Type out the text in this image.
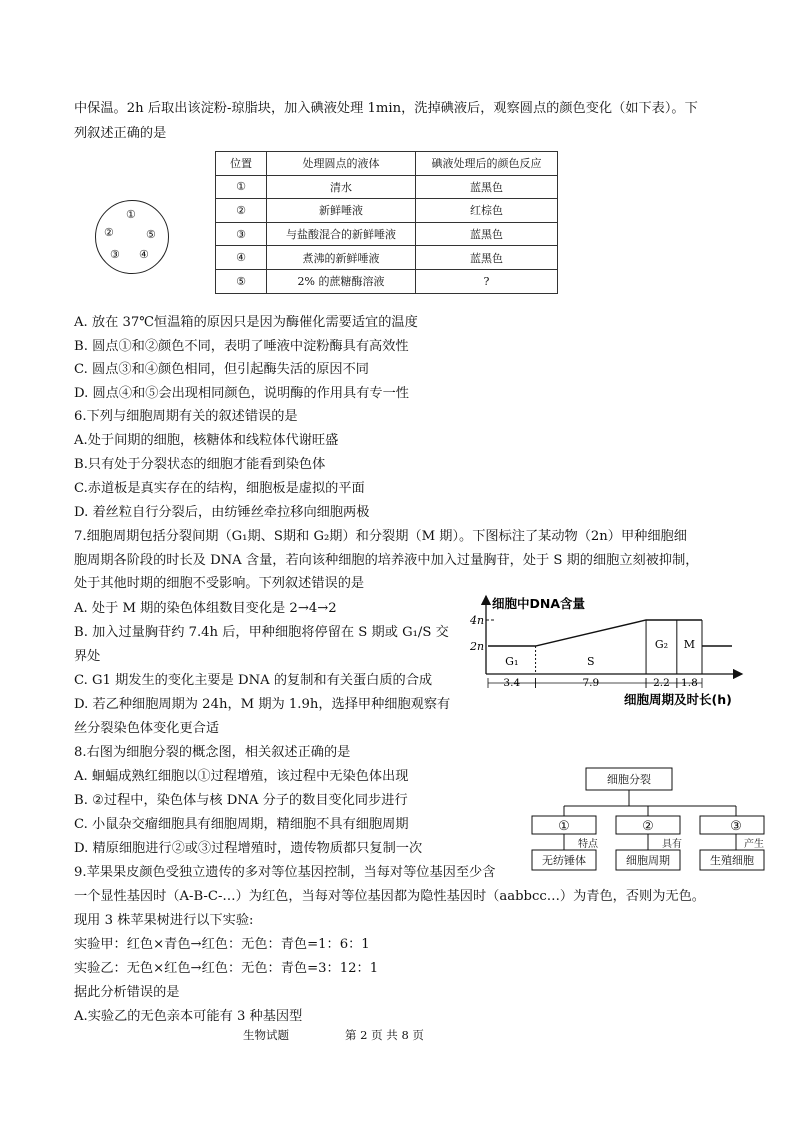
中保温。2h 后取出该淀粉-琼脂块，加入碘液处理 1min，洗掉碘液后，观察圆点的颜色变化（如下表）。下
列叙述正确的是
①
②	⑤
③ ④
位置	处理圆点的液体	碘液处理后的颜色反应
①	清水	蓝黑色
②	新鲜唾液	红棕色
③	与盐酸混合的新鲜唾液	蓝黑色
④	煮沸的新鲜唾液	蓝黑色
⑤	2% 的蔗糖酶溶液	?
A. 放在 37℃恒温箱的原因只是因为酶催化需要适宜的温度
B. 圆点①和②颜色不同，表明了唾液中淀粉酶具有高效性
C. 圆点③和④颜色相同，但引起酶失活的原因不同
D. 圆点④和⑤会出现相同颜色，说明酶的作用具有专一性
6.下列与细胞周期有关的叙述错误的是
A.处于间期的细胞，核糖体和线粒体代谢旺盛
B.只有处于分裂状态的细胞才能看到染色体
C.赤道板是真实存在的结构，细胞板是虚拟的平面
D. 着丝粒自行分裂后，由纺锤丝牵拉移向细胞两极
7.细胞周期包括分裂间期（G₁期、S期和 G₂期）和分裂期（M 期）。下图标注了某动物（2n）甲种细胞细
胞周期各阶段的时长及 DNA 含量，若向该种细胞的培养液中加入过量胸苷，处于 S 期的细胞立刻被抑制，
处于其他时期的细胞不受影响。下列叙述错误的是
A. 处于 M 期的染色体组数目变化是 2→4→2
B. 加入过量胸苷约 7.4h 后，甲种细胞将停留在 S 期或 G₁/S 交
界处
C. G1 期发生的变化主要是 DNA 的复制和有关蛋白质的合成
D. 若乙种细胞周期为 24h，M 期为 1.9h，选择甲种细胞观察有
丝分裂染色体变化更合适
细胞中DNA含量
4n
2n
G₁	S
G₂ M
3.4	7.9	2.2 1.8
细胞周期及时长(h)
8.右图为细胞分裂的概念图，相关叙述正确的是
A. 蛔蝠成熟红细胞以①过程增殖，该过程中无染色体出现
B. ②过程中，染色体与核 DNA 分子的数目变化同步进行
C. 小鼠杂交瘤细胞具有细胞周期，精细胞不具有细胞周期
D. 精原细胞进行②或③过程增殖时，遗传物质都只复制一次
细胞分裂
①	②	③
特点	具有	产生
无纺锤体	细胞周期	生殖细胞
9.苹果果皮颜色受独立遗传的多对等位基因控制，当每对等位基因至少含
一个显性基因时（A-B-C-…）为红色，当每对等位基因都为隐性基因时（aabbcc…）为青色，否则为无色。
现用 3 株苹果树进行以下实验:
实验甲：红色×青色→红色：无色：青色=1：6：1
实验乙：无色×红色→红色：无色：青色=3：12：1
据此分析错误的是
A.实验乙的无色亲本可能有 3 种基因型
生物试题	第 2 页 共 8 页
